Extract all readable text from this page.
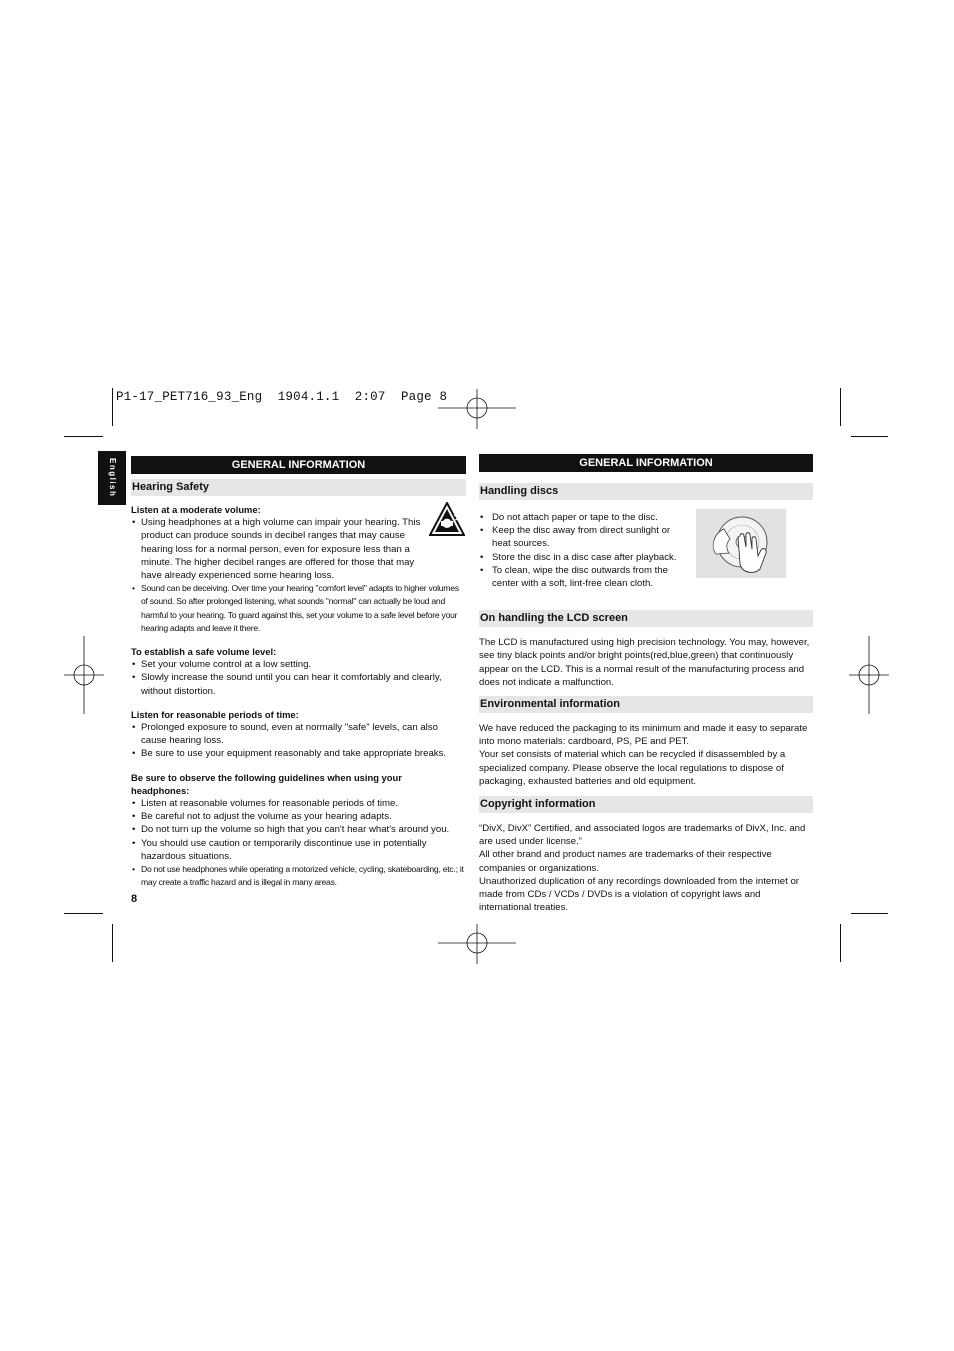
P1-17_PET716_93_Eng  1904.1.1  2:07  Page 8
English	GENERAL INFORMATION
Hearing Safety
Listen at a moderate volume:
• Using headphones at a high volume can impair your hearing. This product can produce sounds in decibel ranges that may cause hearing loss for a normal person, even for exposure less than a minute. The higher decibel ranges are offered for those that may have already experienced some hearing loss.
• Sound can be deceiving. Over time your hearing "comfort level" adapts to higher volumes of sound. So after prolonged listening, what sounds "normal" can actually be loud and harmful to your hearing. To guard against this, set your volume to a safe level before your hearing adapts and leave it there.
To establish a safe volume level:
• Set your volume control at a low setting.
• Slowly increase the sound until you can hear it comfortably and clearly, without distortion.
Listen for reasonable periods of time:
• Prolonged exposure to sound, even at normally "safe" levels, can also cause hearing loss.
• Be sure to use your equipment reasonably and take appropriate breaks.
Be sure to observe the following guidelines when using your headphones:
• Listen at reasonable volumes for reasonable periods of time.
• Be careful not to adjust the volume as your hearing adapts.
• Do not turn up the volume so high that you can't hear what's around you.
• You should use caution or temporarily discontinue use in potentially hazardous situations.
• Do not use headphones while operating a motorized vehicle, cycling, skateboarding, etc.; it may create a traffic hazard and is illegal in many areas.
8
GENERAL INFORMATION
Handling discs
• Do not attach paper or tape to the disc.
• Keep the disc away from direct sunlight or heat sources.
• Store the disc in a disc case after playback.
• To clean, wipe the disc outwards from the center with a soft, lint-free clean cloth.
On handling the LCD screen

The LCD is manufactured using high precision technology. You may, however, see tiny black points and/or bright points(red,blue,green) that continuously appear on the LCD. This is a normal result of the manufacturing process and does not indicate a malfunction.

Environmental information

We have reduced the packaging to its minimum and made it easy to separate into mono materials: cardboard, PS, PE and PET.

Your set consists of material which can be recycled if disassembled by a specialized company. Please observe the local regulations to dispose of packaging, exhausted batteries and old equipment.

Copyright information

“DivX, DivX” Certified, and associated logos are trademarks of DivX, Inc. and are used under license.”

All other brand and product names are trademarks of their respective companies or organizations.

Unauthorized duplication of any recordings downloaded from the internet or made from CDs / VCDs / DVDs is a violation of copyright laws and international treaties.
